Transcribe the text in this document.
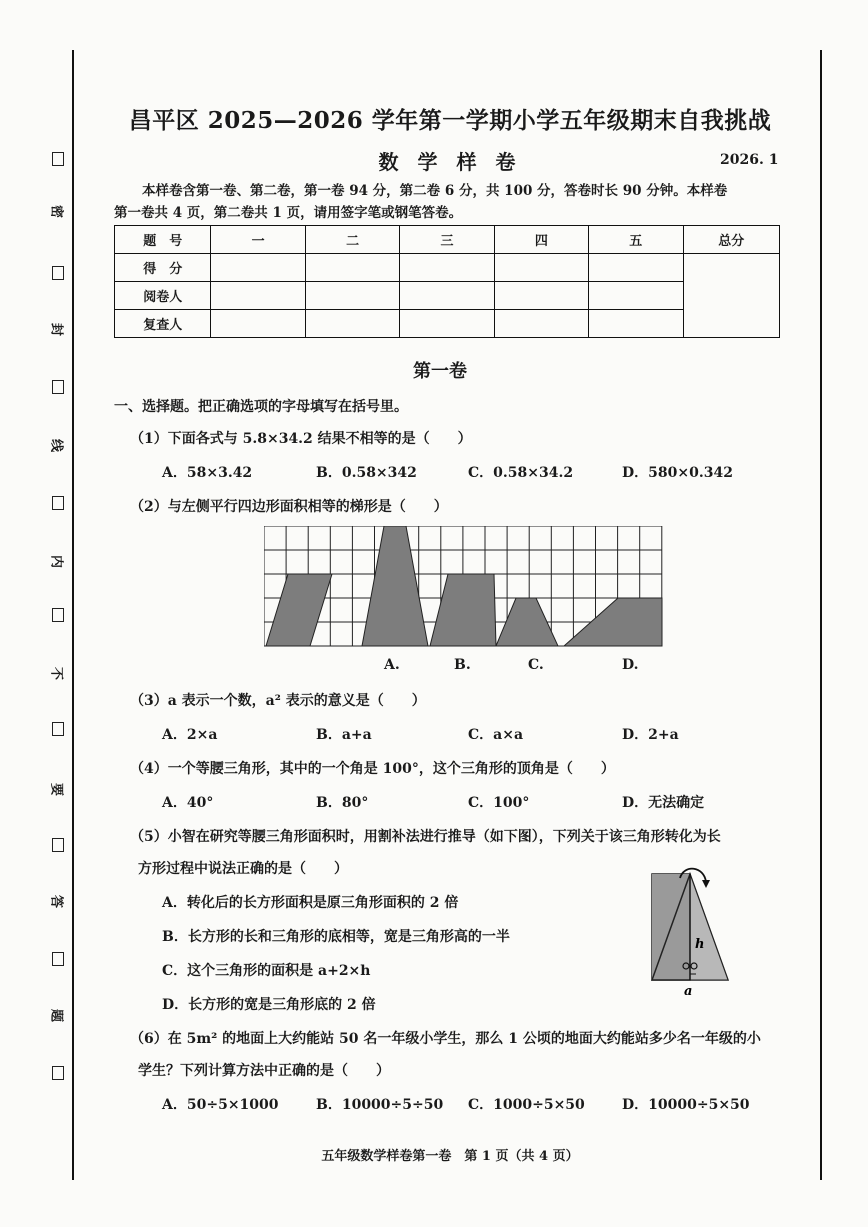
密
封
线
内
不
要
答
题
昌平区 2025—2026 学年第一学期小学五年级期末自我挑战
数 学 样 卷	2026. 1
本样卷含第一卷、第二卷，第一卷 94 分，第二卷 6 分，共 100 分，答卷时长 90 分钟。本样卷
第一卷共 4 页，第二卷共 1 页，请用签字笔或钢笔答卷。
题　号	一	二	三	四	五	总分
得　分						
阅卷人						
复查人						
第一卷
一、选择题。把正确选项的字母填写在括号里。
（1）下面各式与 5.8×34.2 结果不相等的是（　　）
A．58×3.42	B．0.58×342	C．0.58×34.2	D．580×0.342
（2）与左侧平行四边形面积相等的梯形是（　　）
A.	B.	C.	D.
（3）a 表示一个数，a² 表示的意义是（　　）
A．2×a	B．a+a	C．a×a	D．2+a
（4）一个等腰三角形，其中的一个角是 100°，这个三角形的顶角是（　　）
A．40°	B．80°	C．100°	D．无法确定
（5）小智在研究等腰三角形面积时，用割补法进行推导（如下图），下列关于该三角形转化为长
方形过程中说法正确的是（　　）
A．转化后的长方形面积是原三角形面积的 2 倍
B．长方形的长和三角形的底相等，宽是三角形高的一半
C．这个三角形的面积是 a+2×h
D．长方形的宽是三角形底的 2 倍
h
a
（6）在 5m² 的地面上大约能站 50 名一年级小学生，那么 1 公顷的地面大约能站多少名一年级的小
学生？下列计算方法中正确的是（　　）
A．50÷5×1000	B．10000÷5÷50 C．1000÷5×50	D．10000÷5×50
五年级数学样卷第一卷　第 1 页（共 4 页）
